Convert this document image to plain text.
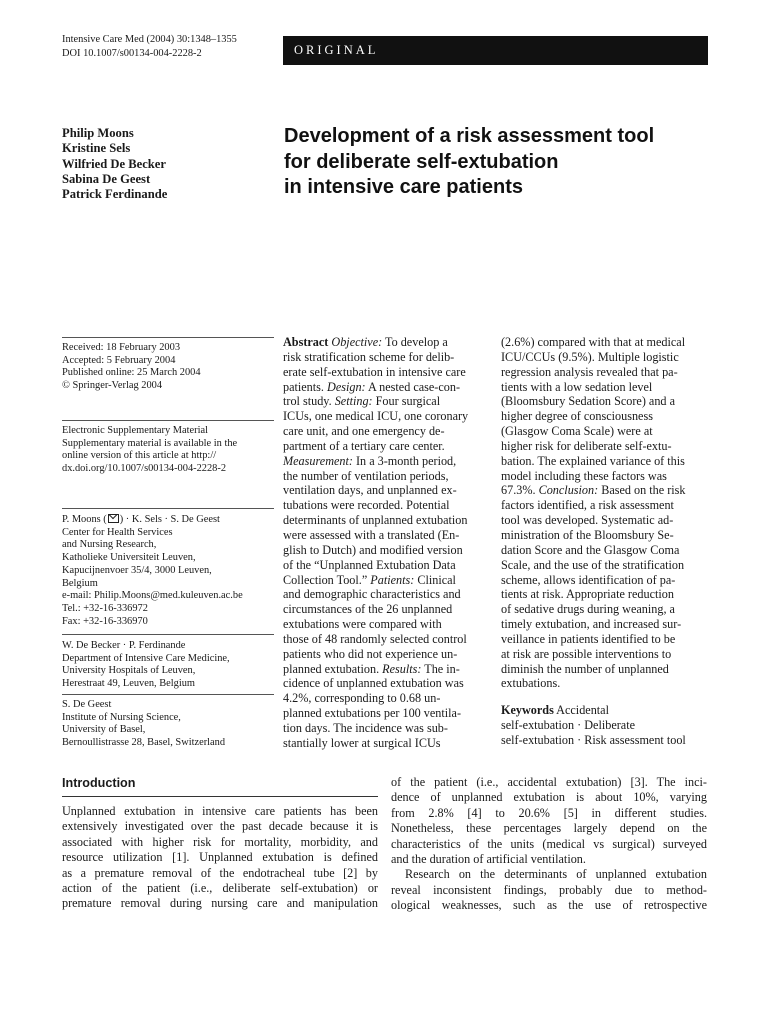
Intensive Care Med (2004) 30:1348–1355
DOI 10.1007/s00134-004-2228-2	ORIGINAL
Philip Moons
Kristine Sels
Wilfried De Becker
Sabina De Geest
Patrick Ferdinande
Development of a risk assessment tool
for deliberate self-extubation
in intensive care patients
Received: 18 February 2003
Accepted: 5 February 2004
Published online: 25 March 2004
© Springer-Verlag 2004
Electronic Supplementary Material
Supplementary material is available in the
online version of this article at http://
dx.doi.org/10.1007/s00134-004-2228-2
P. Moons ( ) · K. Sels · S. De Geest
Center for Health Services
and Nursing Research,
Katholieke Universiteit Leuven,
Kapucijnenvoer 35/4, 3000 Leuven,
Belgium
e-mail: Philip.Moons@med.kuleuven.ac.be
Tel.: +32-16-336972
Fax: +32-16-336970
W. De Becker · P. Ferdinande
Department of Intensive Care Medicine,
University Hospitals of Leuven,
Herestraat 49, Leuven, Belgium
S. De Geest
Institute of Nursing Science,
University of Basel,
Bernoullistrasse 28, Basel, Switzerland
Abstract Objective: To develop a
risk stratification scheme for delib-
erate self-extubation in intensive care
patients. Design: A nested case-con-
trol study. Setting: Four surgical
ICUs, one medical ICU, one coronary
care unit, and one emergency de-
partment of a tertiary care center.
Measurement: In a 3-month period,
the number of ventilation periods,
ventilation days, and unplanned ex-
tubations were recorded. Potential
determinants of unplanned extubation
were assessed with a translated (En-
glish to Dutch) and modified version
of the “Unplanned Extubation Data
Collection Tool.” Patients: Clinical
and demographic characteristics and
circumstances of the 26 unplanned
extubations were compared with
those of 48 randomly selected control
patients who did not experience un-
planned extubation. Results: The in-
cidence of unplanned extubation was
4.2%, corresponding to 0.68 un-
planned extubations per 100 ventila-
tion days. The incidence was sub-
stantially lower at surgical ICUs
(2.6%) compared with that at medical
ICU/CCUs (9.5%). Multiple logistic
regression analysis revealed that pa-
tients with a low sedation level
(Bloomsbury Sedation Score) and a
higher degree of consciousness
(Glasgow Coma Scale) were at
higher risk for deliberate self-extu-
bation. The explained variance of this
model including these factors was
67.3%. Conclusion: Based on the risk
factors identified, a risk assessment
tool was developed. Systematic ad-
ministration of the Bloomsbury Se-
dation Score and the Glasgow Coma
Scale, and the use of the stratification
scheme, allows identification of pa-
tients at risk. Appropriate reduction
of sedative drugs during weaning, a
timely extubation, and increased sur-
veillance in patients identified to be
at risk are possible interventions to
diminish the number of unplanned
extubations.
Keywords Accidental
self-extubation · Deliberate
self-extubation · Risk assessment tool
Introduction
Unplanned extubation in intensive care patients has been
extensively investigated over the past decade because it is
associated with higher risk for mortality, morbidity, and
resource utilization [1]. Unplanned extubation is defined
as a premature removal of the endotracheal tube [2] by
action of the patient (i.e., deliberate self-extubation) or
premature removal during nursing care and manipulation
of the patient (i.e., accidental extubation) [3]. The inci-
dence of unplanned extubation is about 10%, varying
from 2.8% [4] to 20.6% [5] in different studies.
Nonetheless, these percentages largely depend on the
characteristics of the units (medical vs surgical) surveyed
and the duration of artificial ventilation.
Research on the determinants of unplanned extubation
reveal inconsistent findings, probably due to method-
ological weaknesses, such as the use of retrospective
